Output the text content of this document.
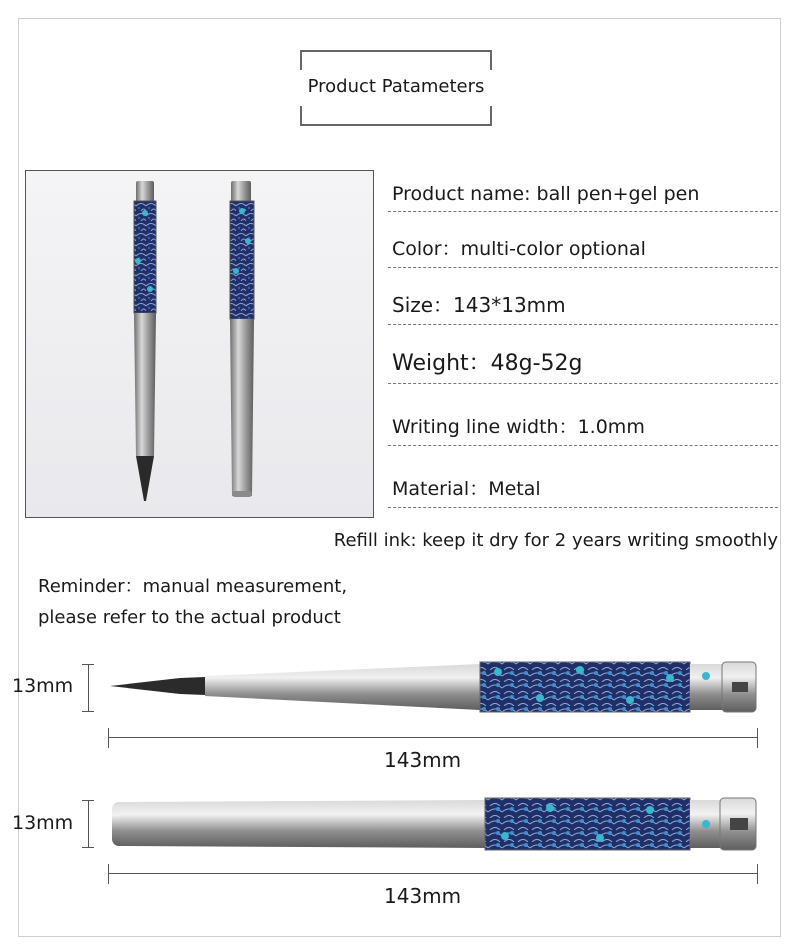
Product Patameters
Product name: ball pen+gel pen
Color：multi-color optional
Size：143*13mm
Weight：48g-52g
Writing line width：1.0mm
Material：Metal
Refill ink: keep it dry for 2 years writing smoothly
Reminder：manual measurement,
please refer to the actual product
13mm
143mm
13mm
143mm
